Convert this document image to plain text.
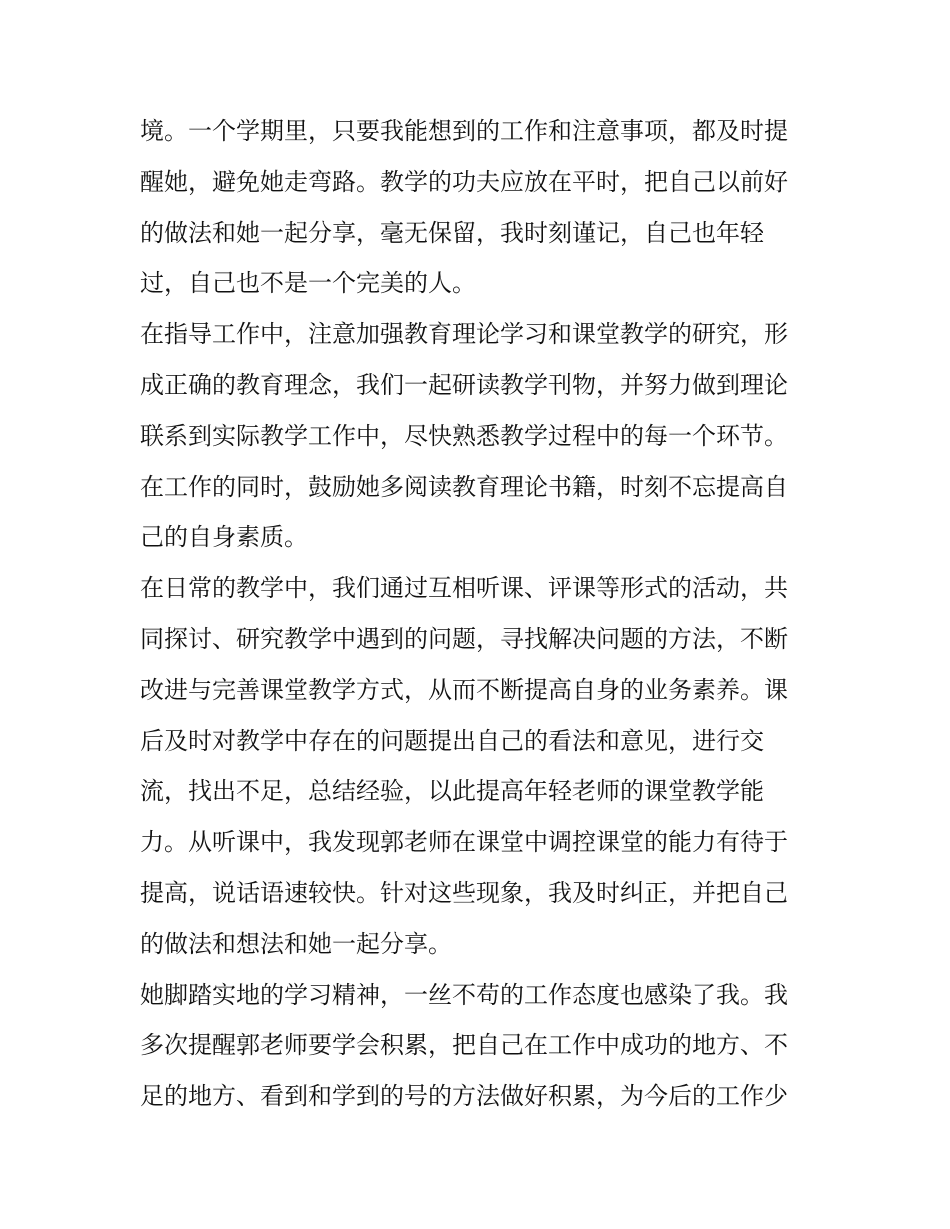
境。一个学期里，只要我能想到的工作和注意事项，都及时提
醒她，避免她走弯路。教学的功夫应放在平时，把自己以前好
的做法和她一起分享，毫无保留，我时刻谨记，自己也年轻
过，自己也不是一个完美的人。
在指导工作中，注意加强教育理论学习和课堂教学的研究，形
成正确的教育理念，我们一起研读教学刊物，并努力做到理论
联系到实际教学工作中，尽快熟悉教学过程中的每一个环节。
在工作的同时，鼓励她多阅读教育理论书籍，时刻不忘提高自
己的自身素质。
在日常的教学中，我们通过互相听课、评课等形式的活动，共
同探讨、研究教学中遇到的问题，寻找解决问题的方法，不断
改进与完善课堂教学方式，从而不断提高自身的业务素养。课
后及时对教学中存在的问题提出自己的看法和意见，进行交
流，找出不足，总结经验，以此提高年轻老师的课堂教学能
力。从听课中，我发现郭老师在课堂中调控课堂的能力有待于
提高，说话语速较快。针对这些现象，我及时纠正，并把自己
的做法和想法和她一起分享。
她脚踏实地的学习精神，一丝不苟的工作态度也感染了我。我
多次提醒郭老师要学会积累，把自己在工作中成功的地方、不
足的地方、看到和学到的号的方法做好积累，为今后的工作少
